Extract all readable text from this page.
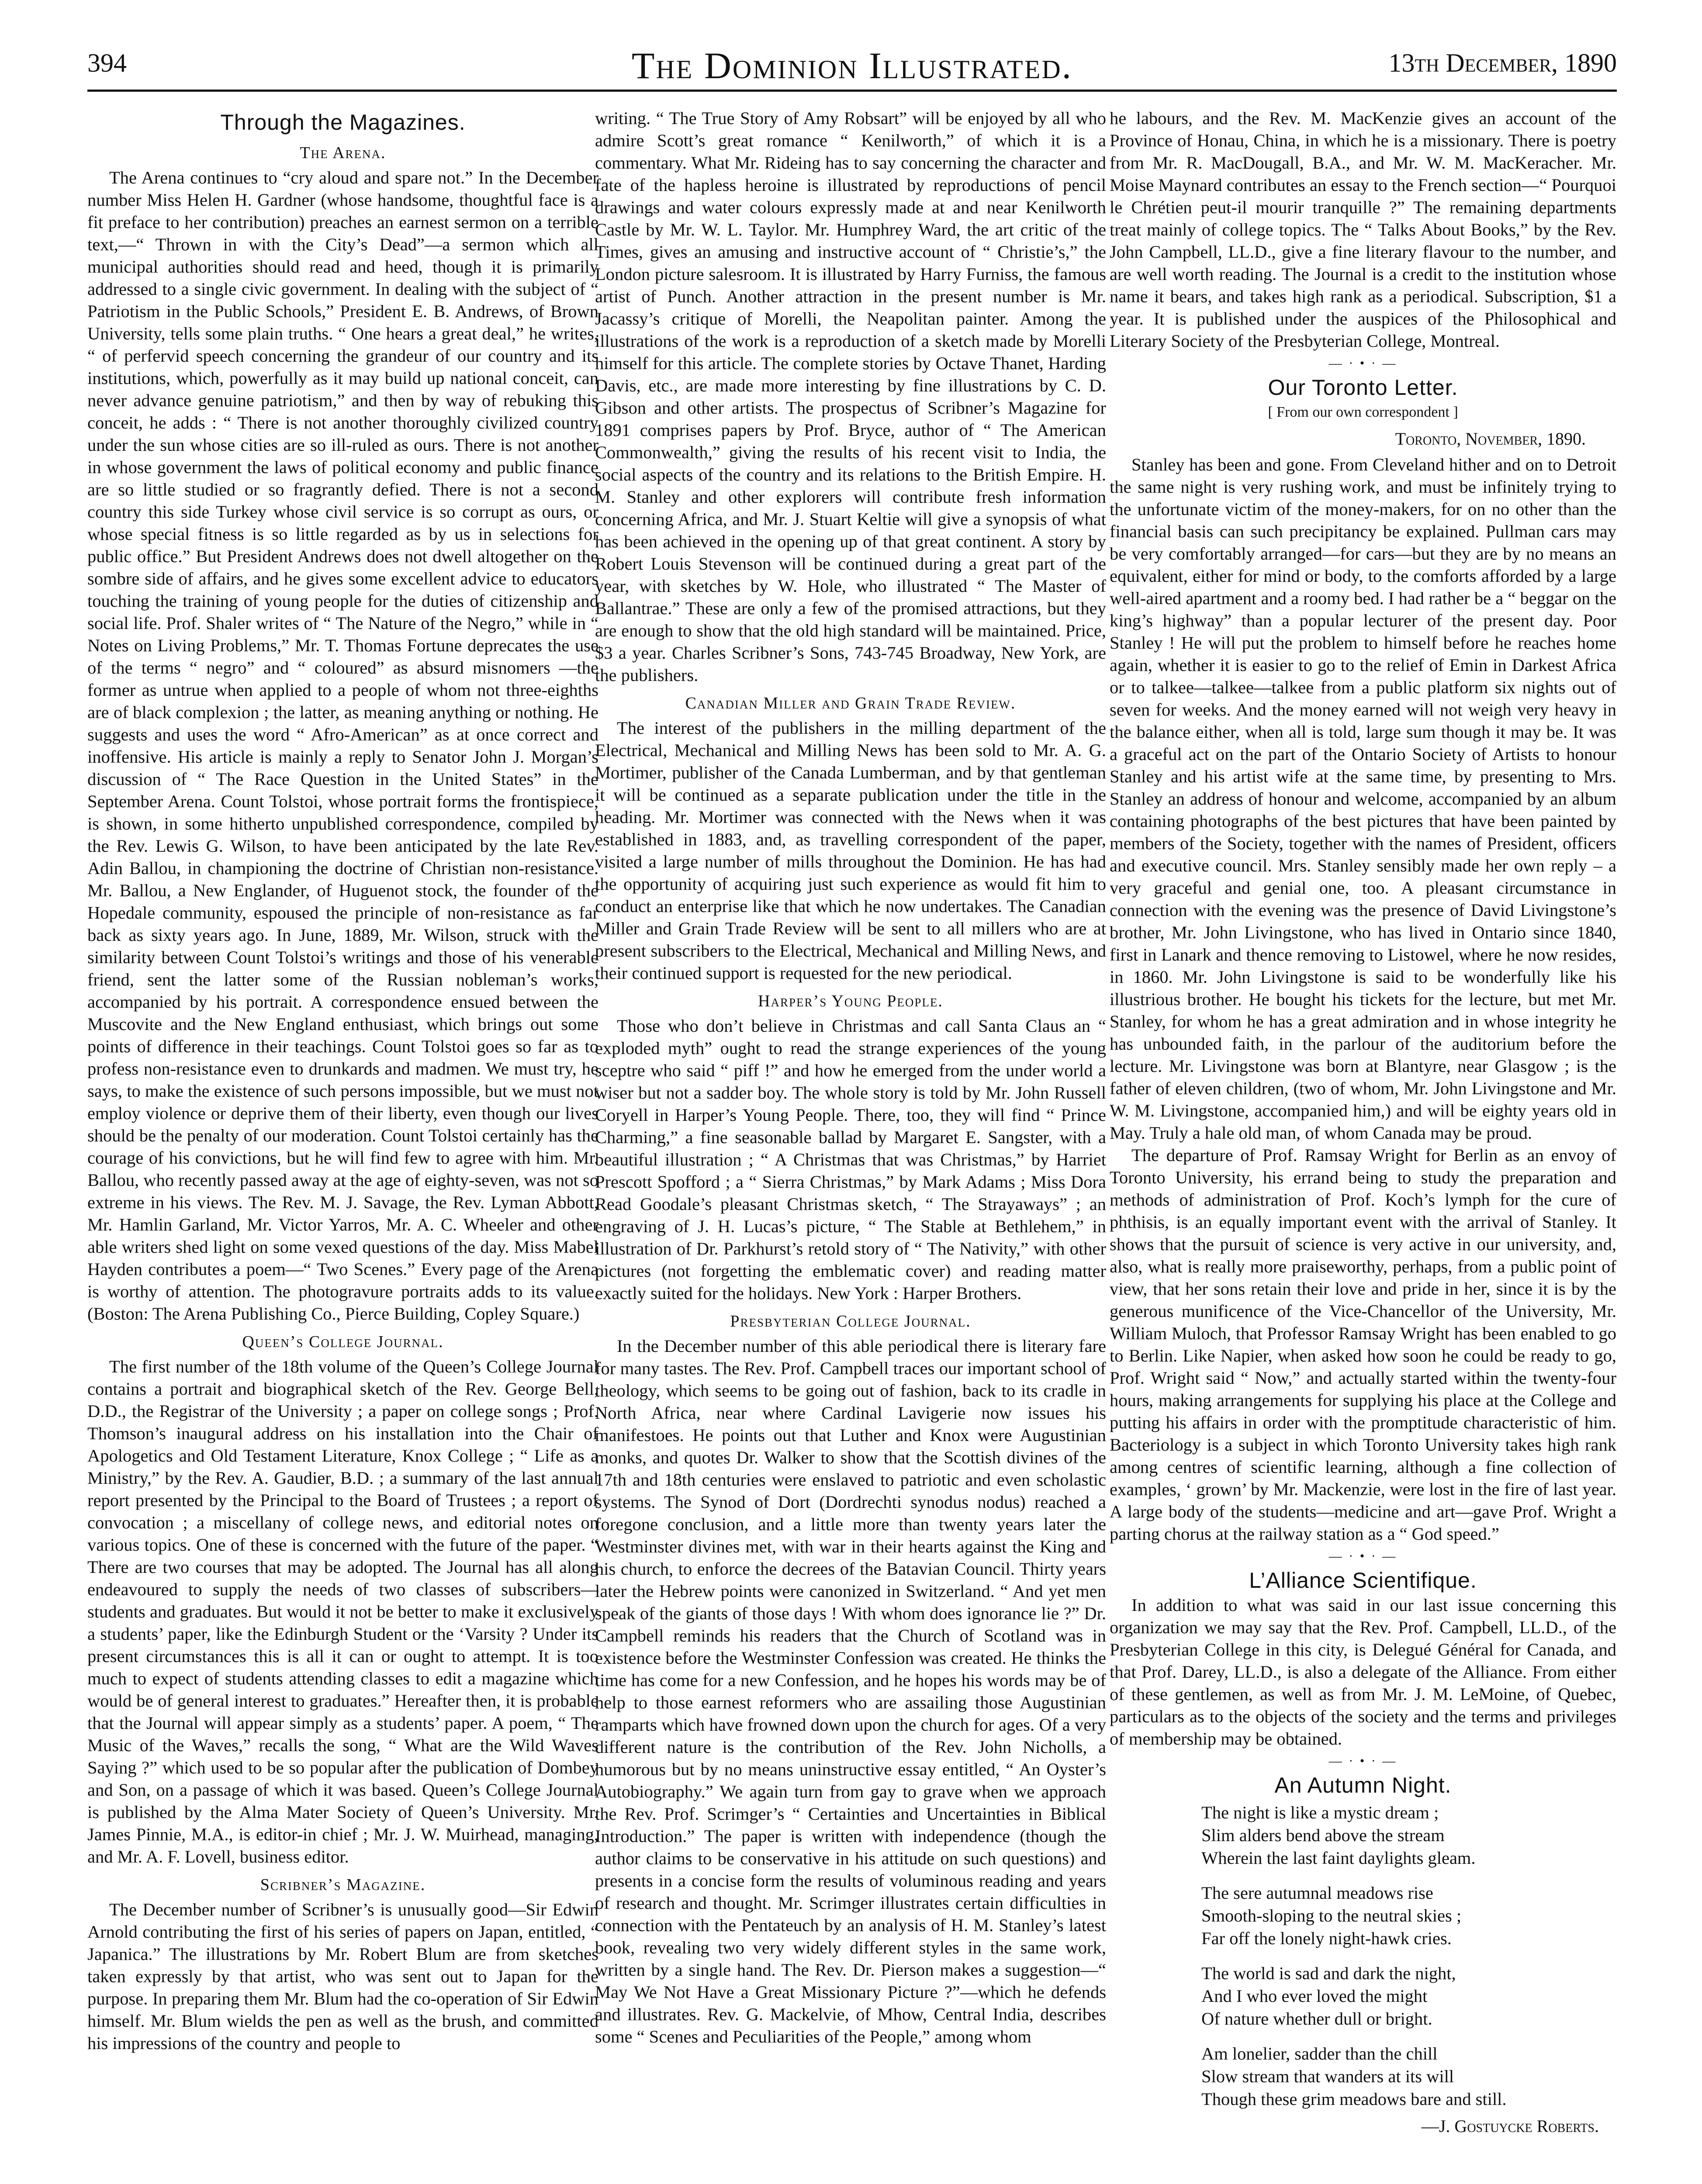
394	The Dominion Illustrated.	13th December, 1890
Through the Magazines.
The Arena.

The Arena continues to “cry aloud and spare not.” In the December number Miss Helen H. Gardner (whose handsome, thoughtful face is a fit preface to her contribution) preaches an earnest sermon on a terrible text,—“ Thrown in with the City’s Dead”—a sermon which all municipal authorities should read and heed, though it is primarily addressed to a single civic government. In dealing with the subject of “ Patriotism in the Public Schools,” President E. B. Andrews, of Brown University, tells some plain truths. “ One hears a great deal,” he writes, “ of perfervid speech concerning the grandeur of our country and its institutions, which, powerfully as it may build up national conceit, can never advance genuine patriotism,” and then by way of rebuking this conceit, he adds : “ There is not another thoroughly civilized country under the sun whose cities are so ill-ruled as ours. There is not another in whose government the laws of political economy and public finance are so little studied or so fragrantly defied. There is not a second country this side Turkey whose civil service is so corrupt as ours, or whose special fitness is so little regarded as by us in selections for public office.” But President Andrews does not dwell altogether on the sombre side of affairs, and he gives some excellent advice to educators touching the training of young people for the duties of citizenship and social life. Prof. Shaler writes of “ The Nature of the Negro,” while in “ Notes on Living Problems,” Mr. T. Thomas Fortune deprecates the use of the terms “ negro” and “ coloured” as absurd misnomers —the former as untrue when applied to a people of whom not three-eighths are of black complexion ; the latter, as meaning anything or nothing. He suggests and uses the word “ Afro-American” as at once correct and inoffensive. His article is mainly a reply to Senator John J. Morgan’s discussion of “ The Race Question in the United States” in the September Arena. Count Tolstoi, whose portrait forms the frontispiece, is shown, in some hitherto unpublished correspondence, compiled by the Rev. Lewis G. Wilson, to have been anticipated by the late Rev. Adin Ballou, in championing the doctrine of Christian non-resistance. Mr. Ballou, a New Englander, of Huguenot stock, the founder of the Hopedale community, espoused the principle of non-resistance as far back as sixty years ago. In June, 1889, Mr. Wilson, struck with the similarity between Count Tolstoi’s writings and those of his venerable friend, sent the latter some of the Russian nobleman’s works, accompanied by his portrait. A correspondence ensued between the Muscovite and the New England enthusiast, which brings out some points of difference in their teachings. Count Tolstoi goes so far as to profess non-resistance even to drunkards and madmen. We must try, he says, to make the existence of such persons impossible, but we must not employ violence or deprive them of their liberty, even though our lives should be the penalty of our moderation. Count Tolstoi certainly has the courage of his convictions, but he will find few to agree with him. Mr. Ballou, who recently passed away at the age of eighty-seven, was not so extreme in his views. The Rev. M. J. Savage, the Rev. Lyman Abbott, Mr. Hamlin Garland, Mr. Victor Yarros, Mr. A. C. Wheeler and other able writers shed light on some vexed questions of the day. Miss Mabel Hayden contributes a poem—“ Two Scenes.” Every page of the Arena is worthy of attention. The photogravure portraits adds to its value. (Boston: The Arena Publishing Co., Pierce Building, Copley Square.)

Queen’s College Journal.

The first number of the 18th volume of the Queen’s College Journal contains a portrait and biographical sketch of the Rev. George Bell, D.D., the Registrar of the University ; a paper on college songs ; Prof. Thomson’s inaugural address on his installation into the Chair of Apologetics and Old Testament Literature, Knox College ; “ Life as a Ministry,” by the Rev. A. Gaudier, B.D. ; a summary of the last annual report presented by the Principal to the Board of Trustees ; a report of convocation ; a miscellany of college news, and editorial notes on various topics. One of these is concerned with the future of the paper. “ There are two courses that may be adopted. The Journal has all along endeavoured to supply the needs of two classes of subscribers—students and graduates. But would it not be better to make it exclusively a students’ paper, like the Edinburgh Student or the ‘Varsity ? Under its present circumstances this is all it can or ought to attempt. It is too much to expect of students attending classes to edit a magazine which would be of general interest to graduates.” Hereafter then, it is probable that the Journal will appear simply as a students’ paper. A poem, “ The Music of the Waves,” recalls the song, “ What are the Wild Waves Saying ?” which used to be so popular after the publication of Dombey and Son, on a passage of which it was based. Queen’s College Journal is published by the Alma Mater Society of Queen’s University. Mr. James Pinnie, M.A., is editor-in chief ; Mr. J. W. Muirhead, managing, and Mr. A. F. Lovell, business editor.

Scribner’s Magazine.

The December number of Scribner’s is unusually good—Sir Edwin Arnold contributing the first of his series of papers on Japan, entitled, “ Japanica.” The illustrations by Mr. Robert Blum are from sketches taken expressly by that artist, who was sent out to Japan for the purpose. In preparing them Mr. Blum had the co-operation of Sir Edwin himself. Mr. Blum wields the pen as well as the brush, and committed his impressions of the country and people to

writing. “ The True Story of Amy Robsart” will be enjoyed by all who admire Scott’s great romance “ Kenilworth,” of which it is a commentary. What Mr. Rideing has to say concerning the character and fate of the hapless heroine is illustrated by reproductions of pencil drawings and water colours expressly made at and near Kenilworth Castle by Mr. W. L. Taylor. Mr. Humphrey Ward, the art critic of the Times, gives an amusing and instructive account of “ Christie’s,” the London picture salesroom. It is illustrated by Harry Furniss, the famous artist of Punch. Another attraction in the present number is Mr. Jacassy’s critique of Morelli, the Neapolitan painter. Among the illustrations of the work is a reproduction of a sketch made by Morelli himself for this article. The complete stories by Octave Thanet, Harding Davis, etc., are made more interesting by fine illustrations by C. D. Gibson and other artists. The prospectus of Scribner’s Magazine for 1891 comprises papers by Prof. Bryce, author of “ The American Commonwealth,” giving the results of his recent visit to India, the social aspects of the country and its relations to the British Empire. H. M. Stanley and other explorers will contribute fresh information concerning Africa, and Mr. J. Stuart Keltie will give a synopsis of what has been achieved in the opening up of that great continent. A story by Robert Louis Stevenson will be continued during a great part of the year, with sketches by W. Hole, who illustrated “ The Master of Ballantrae.” These are only a few of the promised attractions, but they are enough to show that the old high standard will be maintained. Price, $3 a year. Charles Scribner’s Sons, 743-745 Broadway, New York, are the publishers.

Canadian Miller and Grain Trade Review.

The interest of the publishers in the milling department of the Electrical, Mechanical and Milling News has been sold to Mr. A. G. Mortimer, publisher of the Canada Lumberman, and by that gentleman it will be continued as a separate publication under the title in the heading. Mr. Mortimer was connected with the News when it was established in 1883, and, as travelling correspondent of the paper, visited a large number of mills throughout the Dominion. He has had the opportunity of acquiring just such experience as would fit him to conduct an enterprise like that which he now undertakes. The Canadian Miller and Grain Trade Review will be sent to all millers who are at present subscribers to the Electrical, Mechanical and Milling News, and their continued support is requested for the new periodical.

Harper’s Young People.

Those who don’t believe in Christmas and call Santa Claus an “ exploded myth” ought to read the strange experiences of the young sceptre who said “ piff !” and how he emerged from the under world a wiser but not a sadder boy. The whole story is told by Mr. John Russell Coryell in Harper’s Young People. There, too, they will find “ Prince Charming,” a fine seasonable ballad by Margaret E. Sangster, with a beautiful illustration ; “ A Christmas that was Christmas,” by Harriet Prescott Spofford ; a “ Sierra Christmas,” by Mark Adams ; Miss Dora Read Goodale’s pleasant Christmas sketch, “ The Strayaways” ; an engraving of J. H. Lucas’s picture, “ The Stable at Bethlehem,” in illustration of Dr. Parkhurst’s retold story of “ The Nativity,” with other pictures (not forgetting the emblematic cover) and reading matter exactly suited for the holidays. New York : Harper Brothers.

Presbyterian College Journal.

In the December number of this able periodical there is literary fare for many tastes. The Rev. Prof. Campbell traces our important school of theology, which seems to be going out of fashion, back to its cradle in North Africa, near where Cardinal Lavigerie now issues his manifestoes. He points out that Luther and Knox were Augustinian monks, and quotes Dr. Walker to show that the Scottish divines of the 17th and 18th centuries were enslaved to patriotic and even scholastic systems. The Synod of Dort (Dordrechti synodus nodus) reached a foregone conclusion, and a little more than twenty years later the Westminster divines met, with war in their hearts against the King and his church, to enforce the decrees of the Batavian Council. Thirty years later the Hebrew points were canonized in Switzerland. “ And yet men speak of the giants of those days ! With whom does ignorance lie ?” Dr. Campbell reminds his readers that the Church of Scotland was in existence before the Westminster Confession was created. He thinks the time has come for a new Confession, and he hopes his words may be of help to those earnest reformers who are assailing those Augustinian ramparts which have frowned down upon the church for ages. Of a very different nature is the contribution of the Rev. John Nicholls, a humorous but by no means uninstructive essay entitled, “ An Oyster’s Autobiography.” We again turn from gay to grave when we approach the Rev. Prof. Scrimger’s “ Certainties and Uncertainties in Biblical Introduction.” The paper is written with independence (though the author claims to be conservative in his attitude on such questions) and presents in a concise form the results of voluminous reading and years of research and thought. Mr. Scrimger illustrates certain difficulties in connection with the Pentateuch by an analysis of H. M. Stanley’s latest book, revealing two very widely different styles in the same work, written by a single hand. The Rev. Dr. Pierson makes a suggestion—“ May We Not Have a Great Missionary Picture ?”—which he defends and illustrates. Rev. G. Mackelvie, of Mhow, Central India, describes some “ Scenes and Peculiarities of the People,” among whom

he labours, and the Rev. M. MacKenzie gives an account of the Province of Honau, China, in which he is a missionary. There is poetry from Mr. R. MacDougall, B.A., and Mr. W. M. MacKeracher. Mr. Moise Maynard contributes an essay to the French section—“ Pourquoi le Chrétien peut-il mourir tranquille ?” The remaining departments treat mainly of college topics. The “ Talks About Books,” by the Rev. John Campbell, LL.D., give a fine literary flavour to the number, and are well worth reading. The Journal is a credit to the institution whose name it bears, and takes high rank as a periodical. Subscription, $1 a year. It is published under the auspices of the Philosophical and Literary Society of the Presbyterian College, Montreal.

— · • · —
Our Toronto Letter.
[ From our own correspondent ]
Toronto, November, 1890.

Stanley has been and gone. From Cleveland hither and on to Detroit the same night is very rushing work, and must be infinitely trying to the unfortunate victim of the money-makers, for on no other than the financial basis can such precipitancy be explained. Pullman cars may be very comfortably arranged—for cars—but they are by no means an equivalent, either for mind or body, to the comforts afforded by a large well-aired apartment and a roomy bed. I had rather be a “ beggar on the king’s highway” than a popular lecturer of the present day. Poor Stanley ! He will put the problem to himself before he reaches home again, whether it is easier to go to the relief of Emin in Darkest Africa or to talkee—talkee—talkee from a public platform six nights out of seven for weeks. And the money earned will not weigh very heavy in the balance either, when all is told, large sum though it may be. It was a graceful act on the part of the Ontario Society of Artists to honour Stanley and his artist wife at the same time, by presenting to Mrs. Stanley an address of honour and welcome, accompanied by an album containing photographs of the best pictures that have been painted by members of the Society, together with the names of President, officers and executive council. Mrs. Stanley sensibly made her own reply – a very graceful and genial one, too. A pleasant circumstance in connection with the evening was the presence of David Livingstone’s brother, Mr. John Livingstone, who has lived in Ontario since 1840, first in Lanark and thence removing to Listowel, where he now resides, in 1860. Mr. John Livingstone is said to be wonderfully like his illustrious brother. He bought his tickets for the lecture, but met Mr. Stanley, for whom he has a great admiration and in whose integrity he has unbounded faith, in the parlour of the auditorium before the lecture. Mr. Livingstone was born at Blantyre, near Glasgow ; is the father of eleven children, (two of whom, Mr. John Livingstone and Mr. W. M. Livingstone, accompanied him,) and will be eighty years old in May. Truly a hale old man, of whom Canada may be proud.

The departure of Prof. Ramsay Wright for Berlin as an envoy of Toronto University, his errand being to study the preparation and methods of administration of Prof. Koch’s lymph for the cure of phthisis, is an equally important event with the arrival of Stanley. It shows that the pursuit of science is very active in our university, and, also, what is really more praiseworthy, perhaps, from a public point of view, that her sons retain their love and pride in her, since it is by the generous munificence of the Vice-Chancellor of the University, Mr. William Muloch, that Professor Ramsay Wright has been enabled to go to Berlin. Like Napier, when asked how soon he could be ready to go, Prof. Wright said “ Now,” and actually started within the twenty-four hours, making arrangements for supplying his place at the College and putting his affairs in order with the promptitude characteristic of him. Bacteriology is a subject in which Toronto University takes high rank among centres of scientific learning, although a fine collection of examples, ‘ grown’ by Mr. Mackenzie, were lost in the fire of last year. A large body of the students—medicine and art—gave Prof. Wright a parting chorus at the railway station as a “ God speed.”

— · • · —
L’Alliance Scientifique.

In addition to what was said in our last issue concerning this organization we may say that the Rev. Prof. Campbell, LL.D., of the Presbyterian College in this city, is Delegué Général for Canada, and that Prof. Darey, LL.D., is also a delegate of the Alliance. From either of these gentlemen, as well as from Mr. J. M. LeMoine, of Quebec, particulars as to the objects of the society and the terms and privileges of membership may be obtained.

— · • · —
An Autumn Night.
The night is like a mystic dream ;
Slim alders bend above the stream
Wherein the last faint daylights gleam.
The sere autumnal meadows rise
Smooth-sloping to the neutral skies ;
Far off the lonely night-hawk cries.
The world is sad and dark the night,
And I who ever loved the might
Of nature whether dull or bright.
Am lonelier, sadder than the chill
Slow stream that wanders at its will
Though these grim meadows bare and still.
—J. Gostuycke Roberts.
